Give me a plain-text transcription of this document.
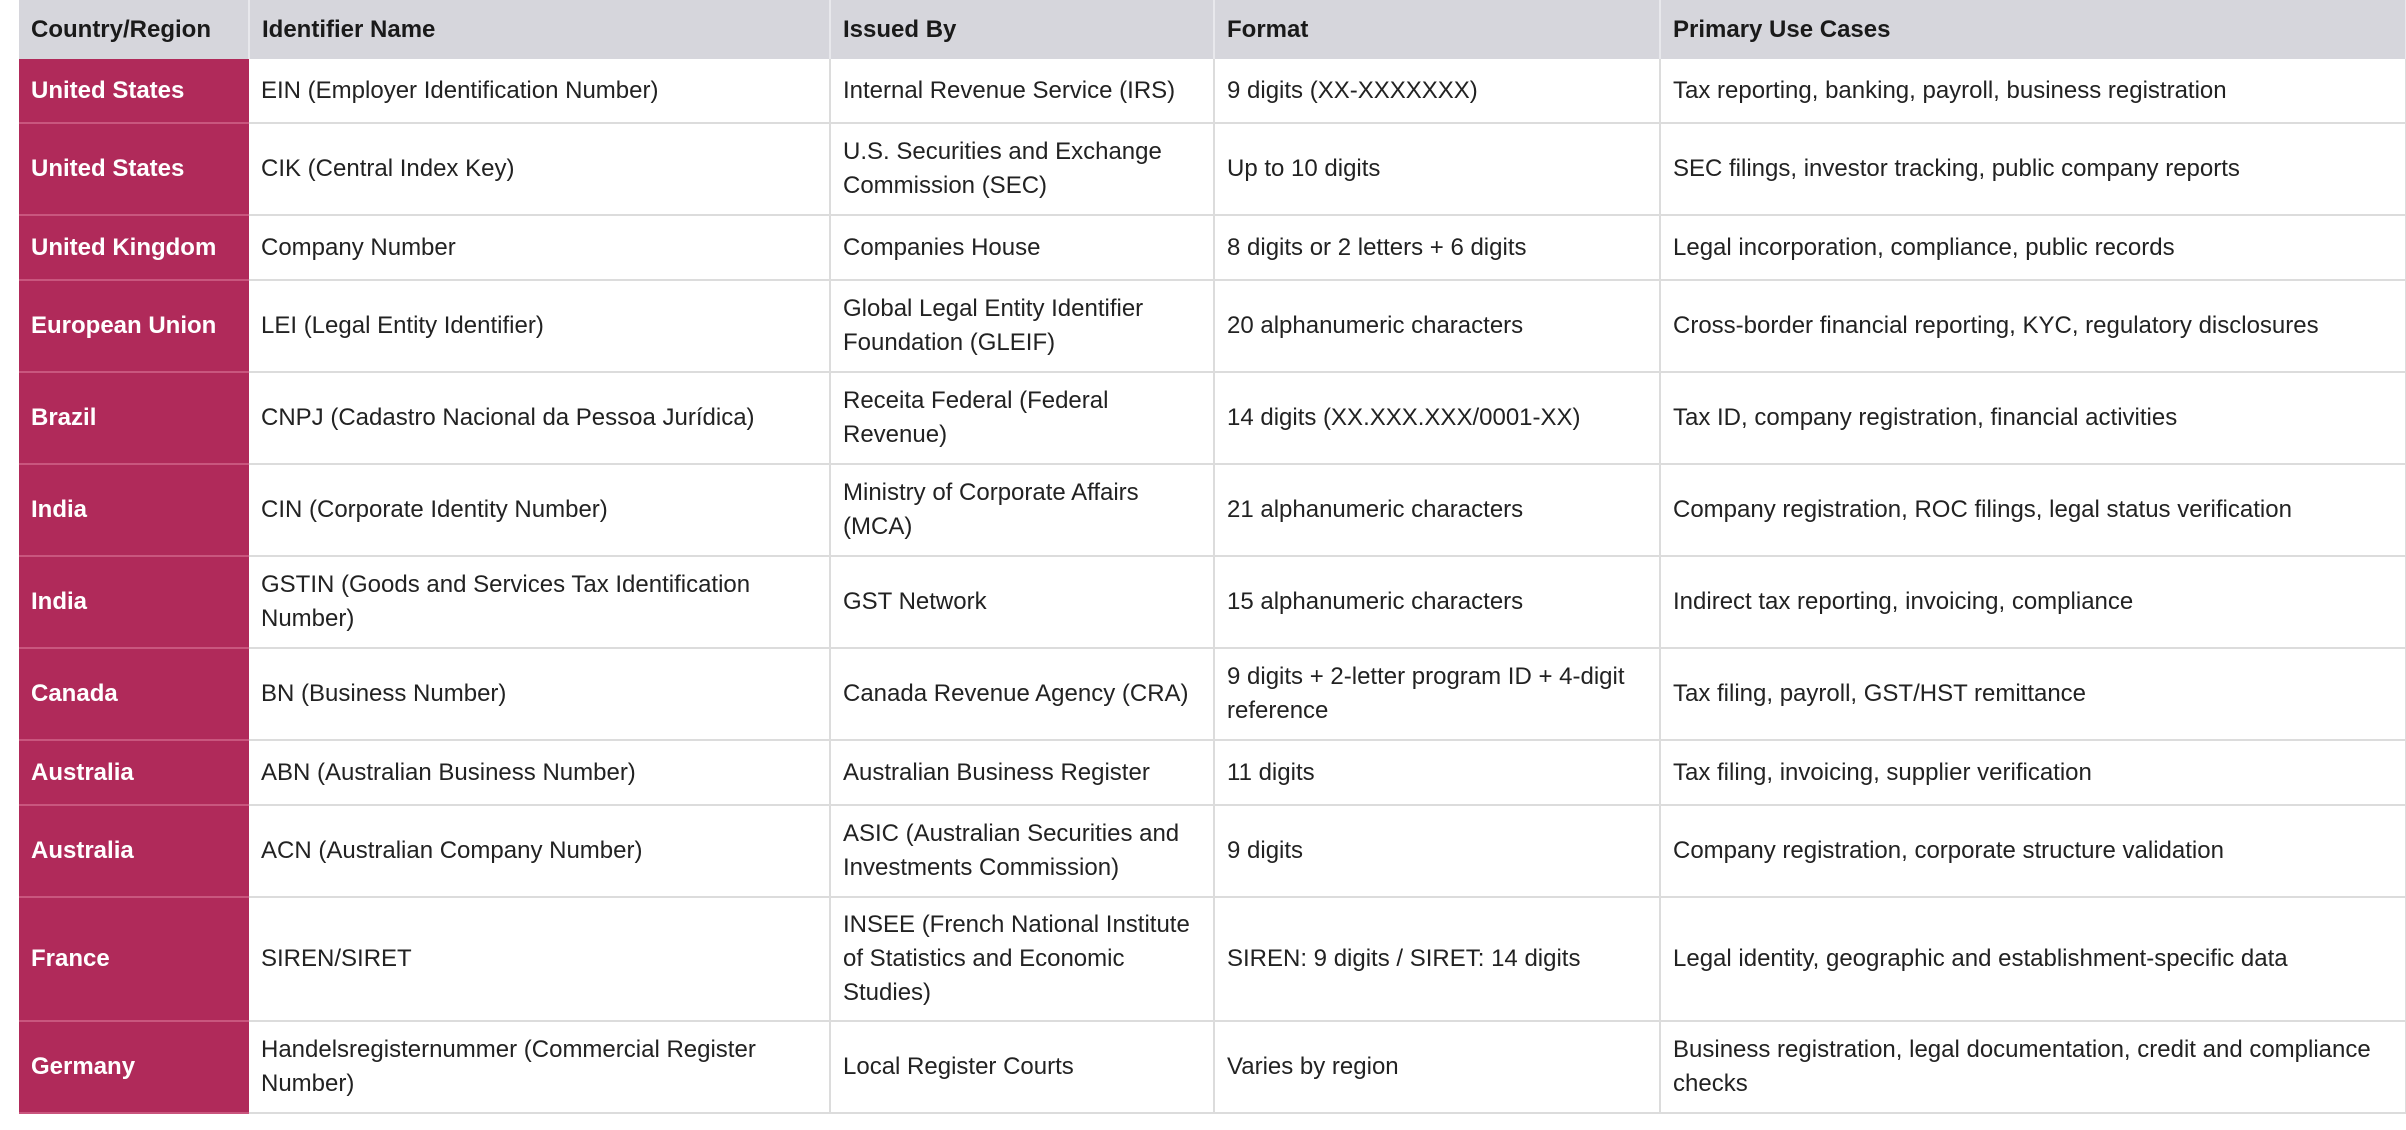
Country/Region	Identifier Name	Issued By	Format	Primary Use Cases
United States	EIN (Employer Identification Number)	Internal Revenue Service (IRS)	9 digits (XX-XXXXXXX)	Tax reporting, banking, payroll, business registration
United States	CIK (Central Index Key)	U.S. Securities and Exchange Commission (SEC)	Up to 10 digits	SEC filings, investor tracking, public company reports
United Kingdom	Company Number	Companies House	8 digits or 2 letters + 6 digits	Legal incorporation, compliance, public records
European Union	LEI (Legal Entity Identifier)	Global Legal Entity Identifier Foundation (GLEIF)	20 alphanumeric characters	Cross-border financial reporting, KYC, regulatory disclosures
Brazil	CNPJ (Cadastro Nacional da Pessoa Jurídica)	Receita Federal (Federal Revenue)	14 digits (XX.XXX.XXX/0001-XX)	Tax ID, company registration, financial activities
India	CIN (Corporate Identity Number)	Ministry of Corporate Affairs (MCA)	21 alphanumeric characters	Company registration, ROC filings, legal status verification
India	GSTIN (Goods and Services Tax Identification Number)	GST Network	15 alphanumeric characters	Indirect tax reporting, invoicing, compliance
Canada	BN (Business Number)	Canada Revenue Agency (CRA)	9 digits + 2-letter program ID + 4-digit reference	Tax filing, payroll, GST/HST remittance
Australia	ABN (Australian Business Number)	Australian Business Register	11 digits	Tax filing, invoicing, supplier verification
Australia	ACN (Australian Company Number)	ASIC (Australian Securities and Investments Commission)	9 digits	Company registration, corporate structure validation
France	SIREN/SIRET	INSEE (French National Institute of Statistics and Economic Studies)	SIREN: 9 digits / SIRET: 14 digits	Legal identity, geographic and establishment-specific data
Germany	Handelsregisternummer (Commercial Register Number)	Local Register Courts	Varies by region	Business registration, legal documentation, credit and compliance checks
